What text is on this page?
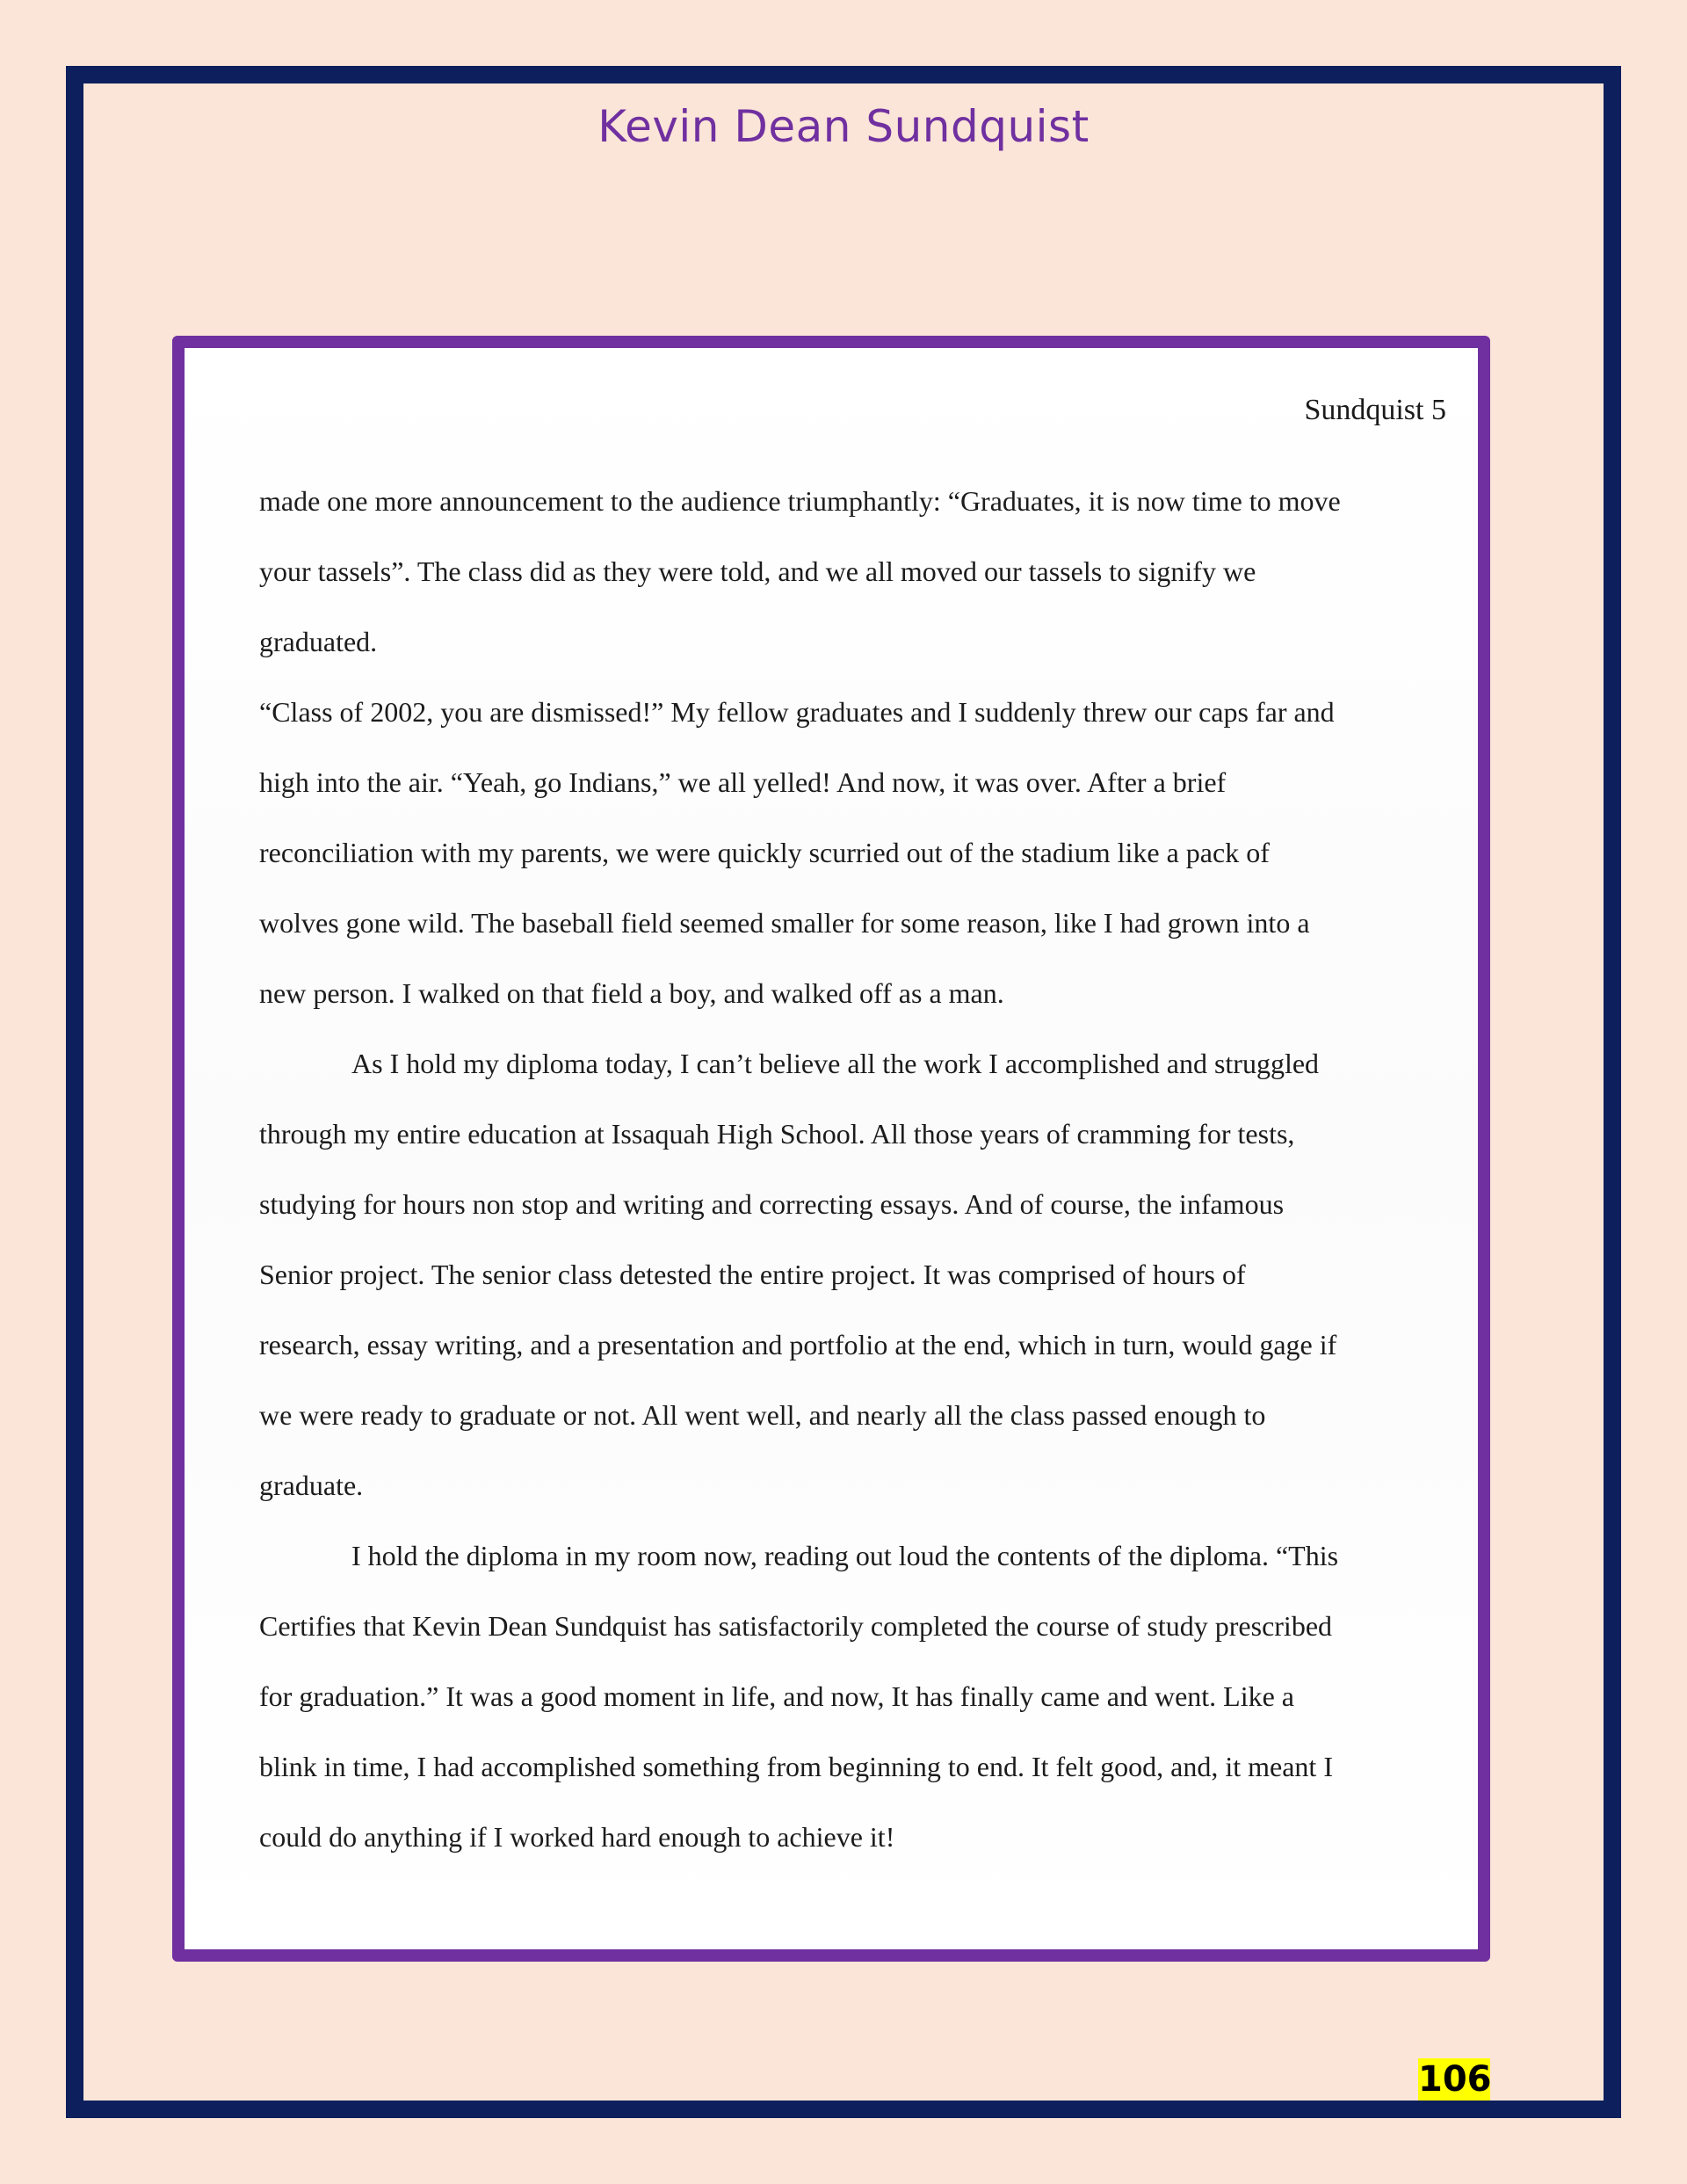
Kevin Dean Sundquist
Sundquist 5

made one more announcement to the audience triumphantly: “Graduates, it is now time to move
your tassels”. The class did as they were told, and we all moved our tassels to signify we
graduated.

“Class of 2002, you are dismissed!” My fellow graduates and I suddenly threw our caps far and
high into the air. “Yeah, go Indians,” we all yelled! And now, it was over. After a brief
reconciliation with my parents, we were quickly scurried out of the stadium like a pack of
wolves gone wild. The baseball field seemed smaller for some reason, like I had grown into a
new person. I walked on that field a boy, and walked off as a man.

As I hold my diploma today, I can’t believe all the work I accomplished and struggled
through my entire education at Issaquah High School. All those years of cramming for tests,
studying for hours non stop and writing and correcting essays. And of course, the infamous
Senior project. The senior class detested the entire project. It was comprised of hours of
research, essay writing, and a presentation and portfolio at the end, which in turn, would gage if
we were ready to graduate or not. All went well, and nearly all the class passed enough to
graduate.

I hold the diploma in my room now, reading out loud the contents of the diploma. “This
Certifies that Kevin Dean Sundquist has satisfactorily completed the course of study prescribed
for graduation.” It was a good moment in life, and now, It has finally came and went. Like a
blink in time, I had accomplished something from beginning to end. It felt good, and, it meant I
could do anything if I worked hard enough to achieve it!

106
